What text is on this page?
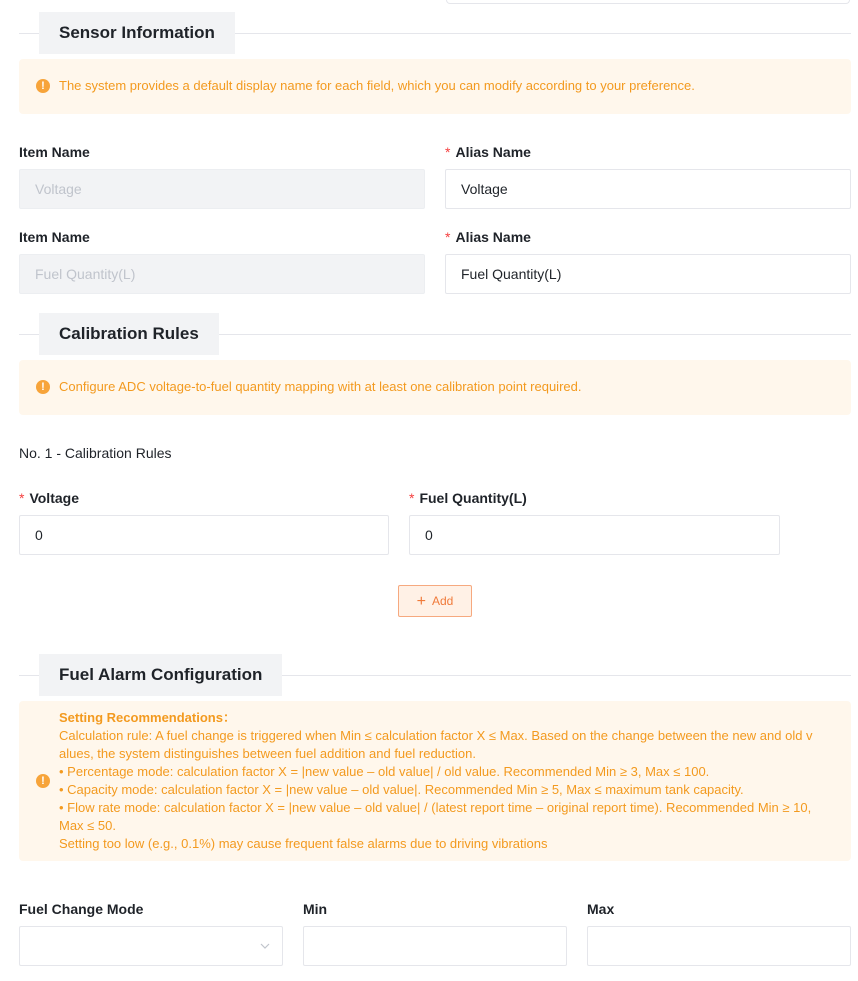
Sensor Information
!	The system provides a default display name for each field, which you can modify according to your preference.
Item Name	* Alias Name
Voltage	Voltage
Item Name	* Alias Name
Fuel Quantity(L)	Fuel Quantity(L)
Calibration Rules
!	Configure ADC voltage-to-fuel quantity mapping with at least one calibration point required.
No. 1 - Calibration Rules
* Voltage	* Fuel Quantity(L)
0	0
+ Add
Fuel Alarm Configuration
!
Setting Recommendations：
Calculation rule: A fuel change is triggered when Min ≤ calculation factor X ≤ Max. Based on the change between the new and old v
alues, the system distinguishes between fuel addition and fuel reduction.
• Percentage mode: calculation factor X = |new value – old value| / old value. Recommended Min ≥ 3, Max ≤ 100.
• Capacity mode: calculation factor X = |new value – old value|. Recommended Min ≥ 5, Max ≤ maximum tank capacity.
• Flow rate mode: calculation factor X = |new value – old value| / (latest report time – original report time). Recommended Min ≥ 10,
Max ≤ 50.
Setting too low (e.g., 0.1%) may cause frequent false alarms due to driving vibrations
Fuel Change Mode	Min	Max
